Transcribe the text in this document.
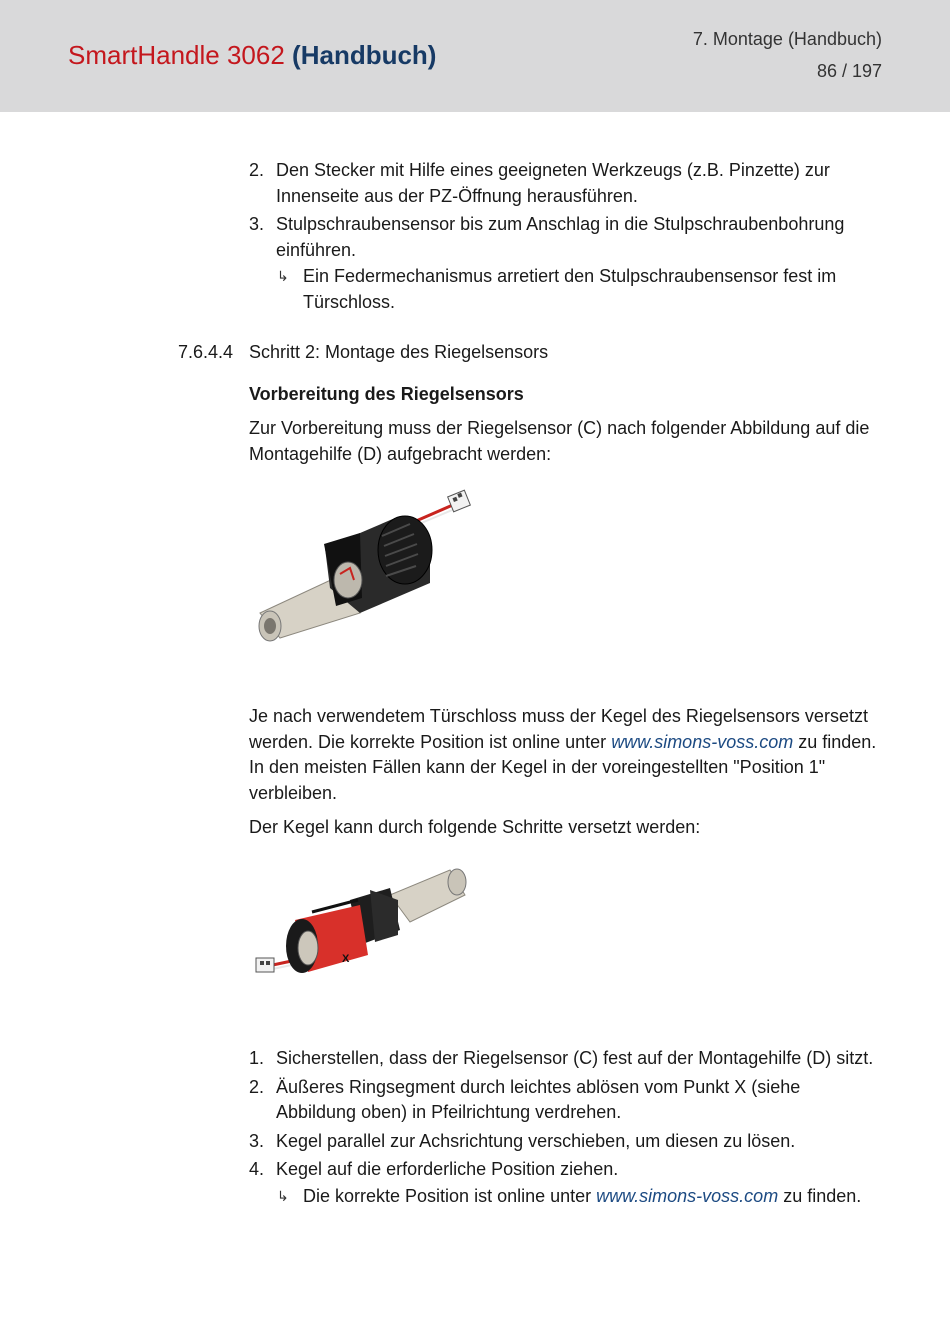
SmartHandle 3062 (Handbuch)
7. Montage (Handbuch)
86 / 197
2. Den Stecker mit Hilfe eines geeigneten Werkzeugs (z.B. Pinzette) zur Innenseite aus der PZ-Öffnung herausführen.
3. Stulpschraubensensor bis zum Anschlag in die Stulpschraubenbohrung einführen.
↳ Ein Federmechanismus arretiert den Stulpschraubensensor fest im Türschloss.
7.6.4.4 Schritt 2: Montage des Riegelsensors
Vorbereitung des Riegelsensors
Zur Vorbereitung muss der Riegelsensor (C) nach folgender Abbildung auf die Montagehilfe (D) aufgebracht werden:
Je nach verwendetem Türschloss muss der Kegel des Riegelsensors versetzt werden. Die korrekte Position ist online unter www.simons-voss.com zu finden. In den meisten Fällen kann der Kegel in der voreingestellten "Position 1" verbleiben.
Der Kegel kann durch folgende Schritte versetzt werden:
X
1. Sicherstellen, dass der Riegelsensor (C) fest auf der Montagehilfe (D) sitzt.
2. Äußeres Ringsegment durch leichtes ablösen vom Punkt X (siehe Abbildung oben) in Pfeilrichtung verdrehen.
3. Kegel parallel zur Achsrichtung verschieben, um diesen zu lösen.
4. Kegel auf die erforderliche Position ziehen.
↳ Die korrekte Position ist online unter www.simons-voss.com zu finden.
